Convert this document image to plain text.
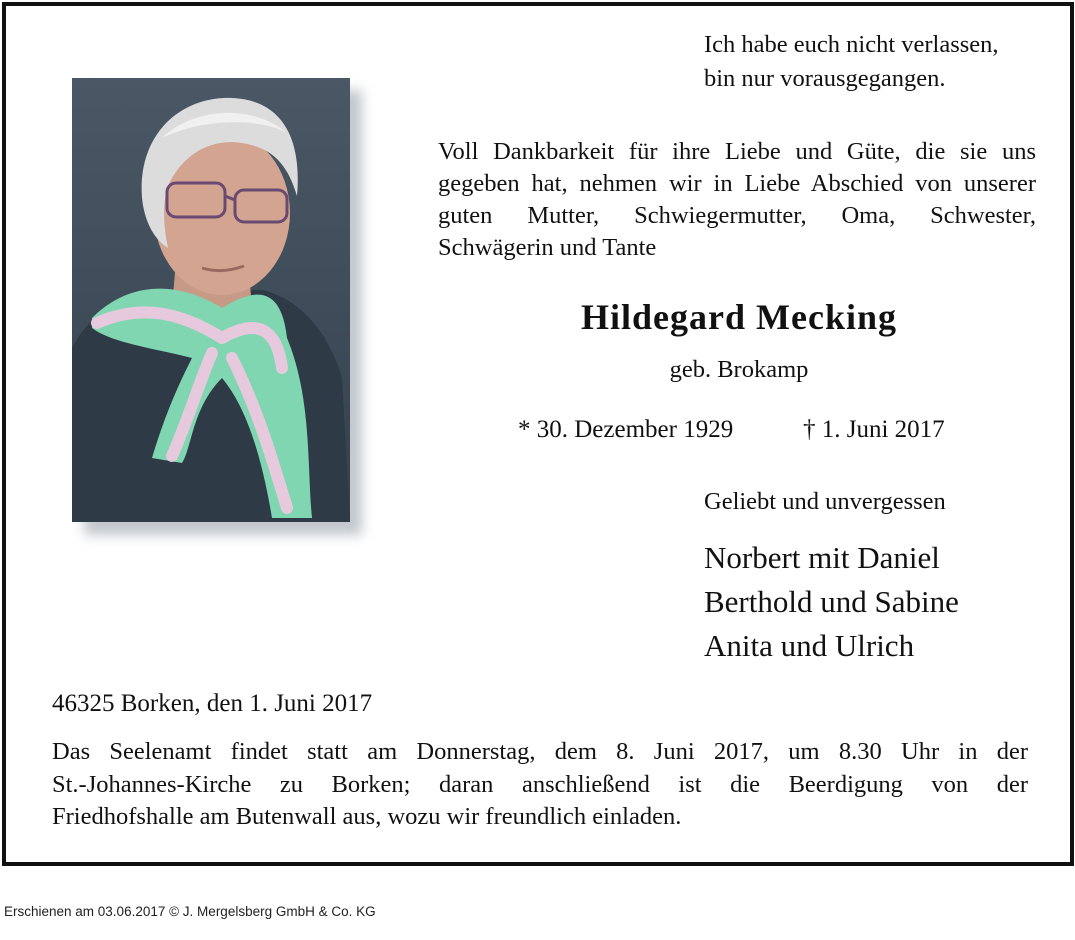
Ich habe euch nicht verlassen,
bin nur vorausgegangen.
Voll Dankbarkeit für ihre Liebe und Güte, die sie uns gegeben hat, nehmen wir in Liebe Abschied von unserer guten Mutter, Schwiegermutter, Oma, Schwester, Schwägerin und Tante
Hildegard Mecking
geb. Brokamp
* 30. Dezember 1929	† 1. Juni 2017
Geliebt und unvergessen
Norbert mit Daniel
Berthold und Sabine
Anita und Ulrich
46325 Borken, den 1. Juni 2017
Das Seelenamt findet statt am Donnerstag, dem 8. Juni 2017, um 8.30 Uhr in der
St.-Johannes-Kirche zu Borken; daran anschließend ist die Beerdigung von der
Friedhofshalle am Butenwall aus, wozu wir freundlich einladen.
Erschienen am 03.06.2017 © J. Mergelsberg GmbH & Co. KG
